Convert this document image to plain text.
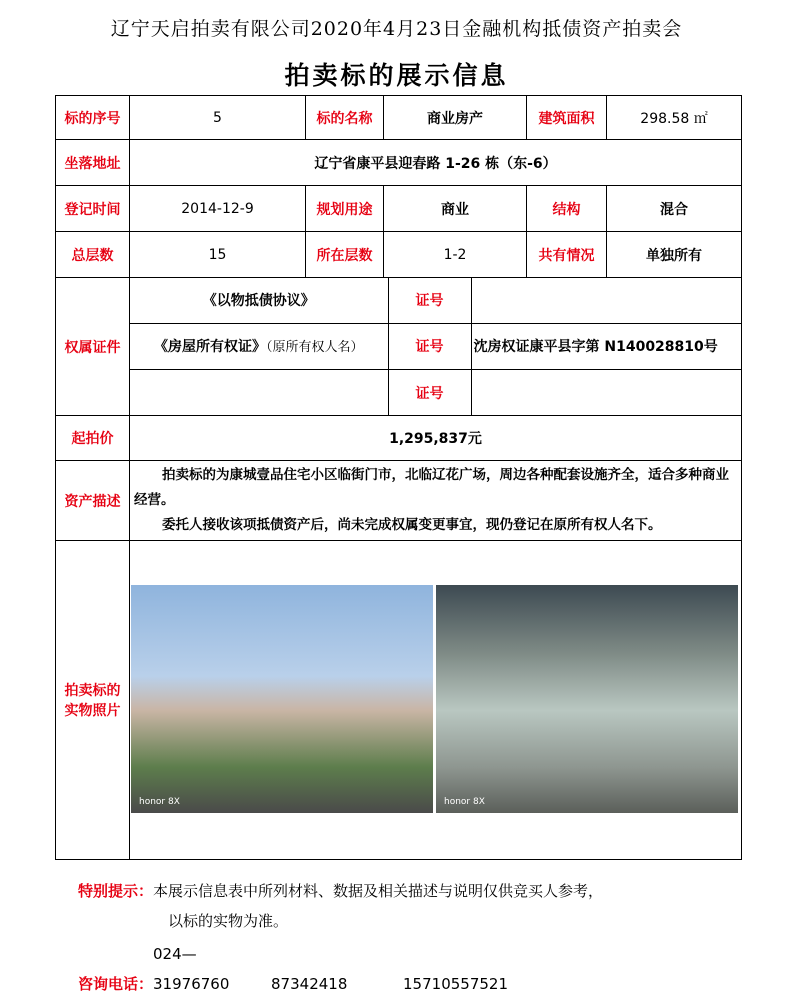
辽宁天启拍卖有限公司2020年4月23日金融机构抵债资产拍卖会
拍卖标的展示信息
标的序号	5	标的名称	商业房产	建筑面积	298.58 ㎡
坐落地址	辽宁省康平县迎春路 1-26 栋（东-6）
登记时间	2014-12-9	规划用途	商业	结构	混合
总层数	15	所在层数	1-2	共有情况	单独所有
权属证件	
《以物抵债协议》	证号	
《房屋所有权证》（原所有权人名）	证号	沈房权证康平县字第 N140028810号
	证号	

起拍价	1,295,837元
资产描述	

拍卖标的为康城壹品住宅小区临街门市，北临辽花广场，周边各种配套设施齐全，适合多种商业经营。

委托人接收该项抵债资产后，尚未完成权属变更事宜，现仍登记在原所有权人名下。

拍卖标的
实物照片	
honor 8X	honor 8X
特别提示：本展示信息表中所列材料、数据及相关描述与说明仅供竞买人参考，
以标的实物为准。
咨询电话：024—31976760	87342418	15710557521
